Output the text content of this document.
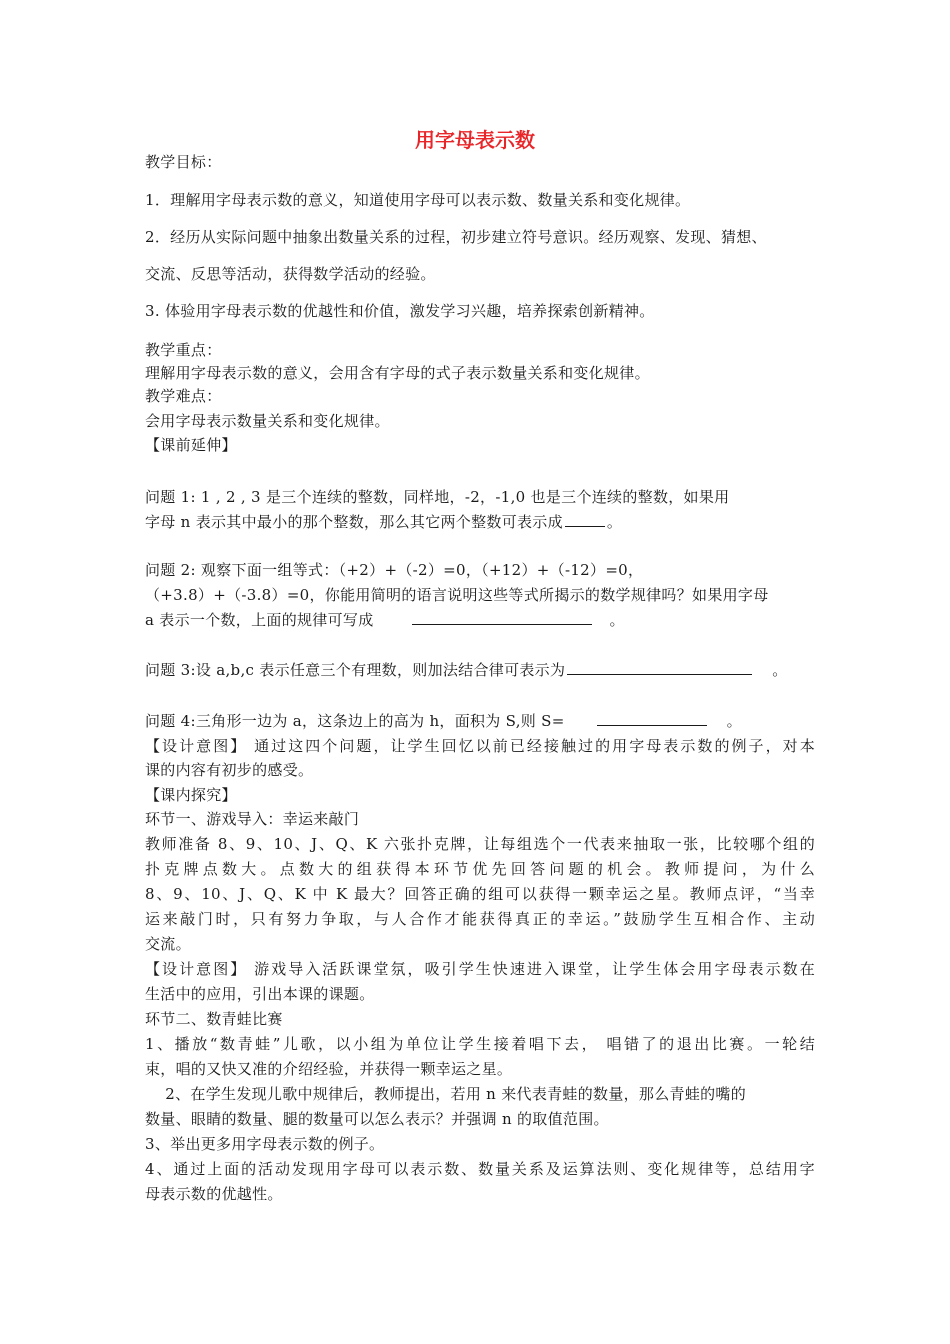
用字母表示数
教学目标：
1．理解用字母表示数的意义，知道使用字母可以表示数、数量关系和变化规律。
2．经历从实际问题中抽象出数量关系的过程，初步建立符号意识。经历观察、发现、猜想、
交流、反思等活动，获得数学活动的经验。
3. 体验用字母表示数的优越性和价值，激发学习兴趣，培养探索创新精神。
教学重点：
理解用字母表示数的意义，会用含有字母的式子表示数量关系和变化规律。
教学难点：
会用字母表示数量关系和变化规律。
【课前延伸】
问题 1: 1 , 2 , 3 是三个连续的整数，同样地，-2，-1,0 也是三个连续的整数，如果用
字母 n 表示其中最小的那个整数，那么其它两个整数可表示成	。
问题 2: 观察下面一组等式：（+2）+（-2）=0，（+12）+（-12）=0，
（+3.8）+（-3.8）=0，你能用简明的语言说明这些等式所揭示的数学规律吗？如果用字母
a 表示一个数，上面的规律可写成	。
问题 3:设 a,b,c 表示任意三个有理数，则加法结合律可表示为	。
问题 4:三角形一边为 a，这条边上的高为 h，面积为 S,则 S=	。
【设计意图】 通过这四个问题，让学生回忆以前已经接触过的用字母表示数的例子，对本
课的内容有初步的感受。
【课内探究】
环节一、游戏导入：幸运来敲门
教师准备 8、9、10、J、Q、K 六张扑克牌，让每组选个一代表来抽取一张，比较哪个组的
扑克牌点数大。点数大的组获得本环节优先回答问题的机会。教师提问，为什么
8、9、10、J、Q、K 中 K 最大？回答正确的组可以获得一颗幸运之星。教师点评，“当幸
运来敲门时，只有努力争取，与人合作才能获得真正的幸运。”鼓励学生互相合作、主动
交流。
【设计意图】 游戏导入活跃课堂氛，吸引学生快速进入课堂，让学生体会用字母表示数在
生活中的应用，引出本课的课题。
环节二、数青蛙比赛
1、播放“数青蛙”儿歌，以小组为单位让学生接着唱下去， 唱错了的退出比赛。一轮结
束，唱的又快又准的介绍经验，并获得一颗幸运之星。
2、在学生发现儿歌中规律后，教师提出，若用 n 来代表青蛙的数量，那么青蛙的嘴的
数量、眼睛的数量、腿的数量可以怎么表示？并强调 n 的取值范围。
3、举出更多用字母表示数的例子。
4、通过上面的活动发现用字母可以表示数、数量关系及运算法则、变化规律等，总结用字
母表示数的优越性。
